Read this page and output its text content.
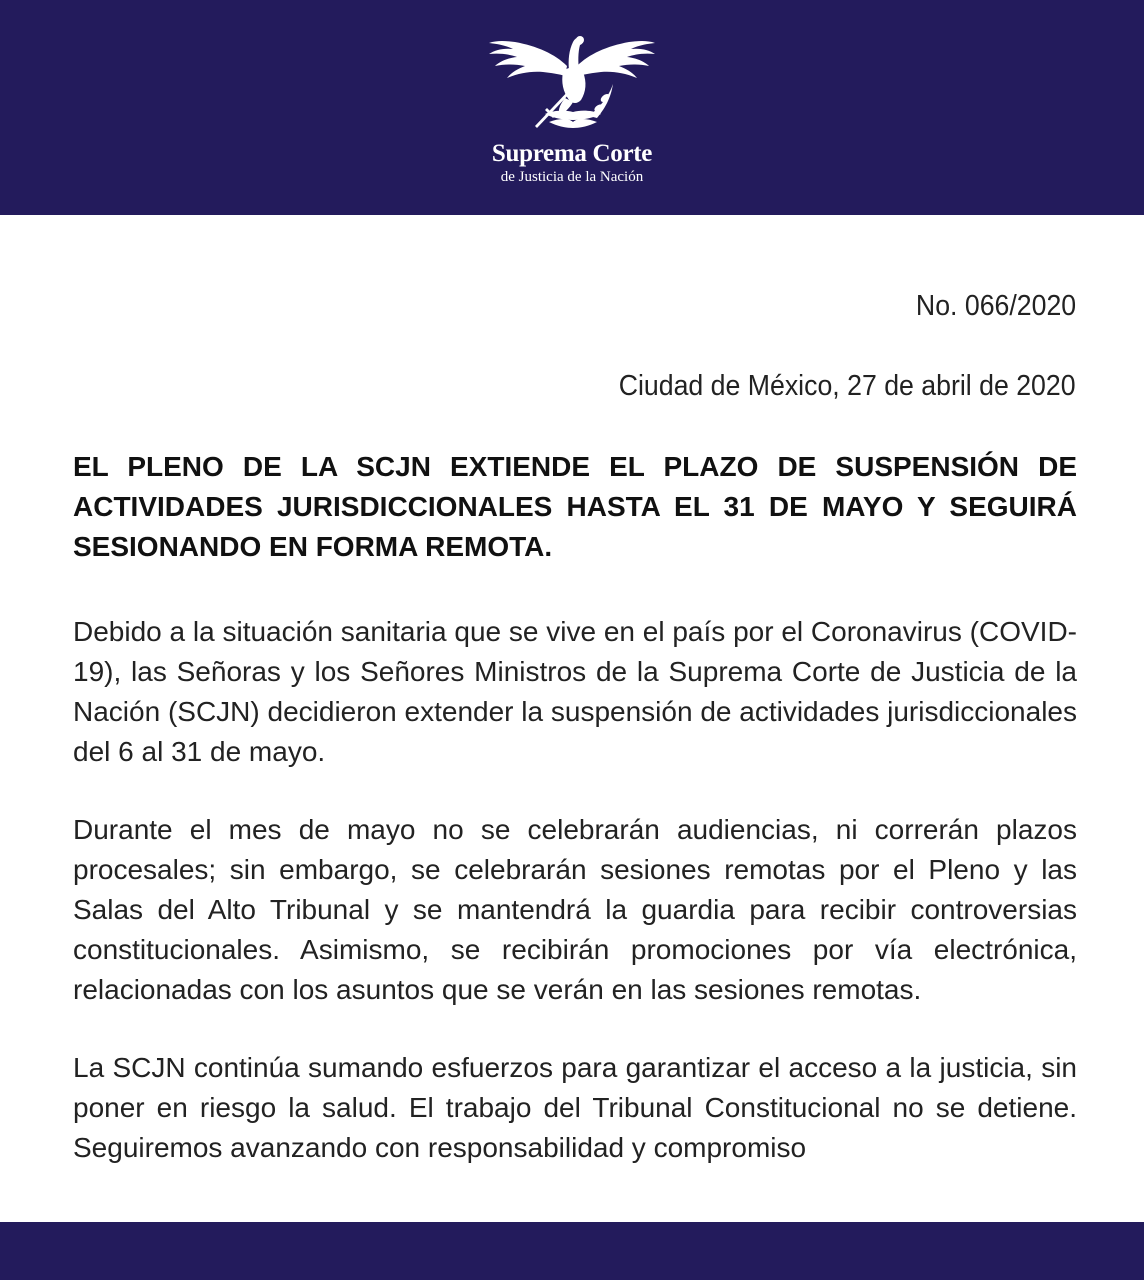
Suprema Corte
de Justicia de la Nación
No. 066/2020
Ciudad de México, 27 de abril de 2020
EL PLENO DE LA SCJN EXTIENDE EL PLAZO DE SUSPENSIÓN DE ACTIVIDADES JURISDICCIONALES HASTA EL 31 DE MAYO Y SEGUIRÁ SESIONANDO EN FORMA REMOTA.
Debido a la situación sanitaria que se vive en el país por el Coronavirus (COVID-19), las Señoras y los Señores Ministros de la Suprema Corte de Justicia de la Nación (SCJN) decidieron extender la suspensión de actividades jurisdiccionales del 6 al 31 de mayo.
Durante el mes de mayo no se celebrarán audiencias, ni correrán plazos procesales; sin embargo, se celebrarán sesiones remotas por el Pleno y las Salas del Alto Tribunal y se mantendrá la guardia para recibir controversias constitucionales. Asimismo, se recibirán promociones por vía electrónica, relacionadas con los asuntos que se verán en las sesiones remotas.
La SCJN continúa sumando esfuerzos para garantizar el acceso a la justicia, sin poner en riesgo la salud. El trabajo del Tribunal Constitucional no se detiene. Seguiremos avanzando con responsabilidad y compromiso
